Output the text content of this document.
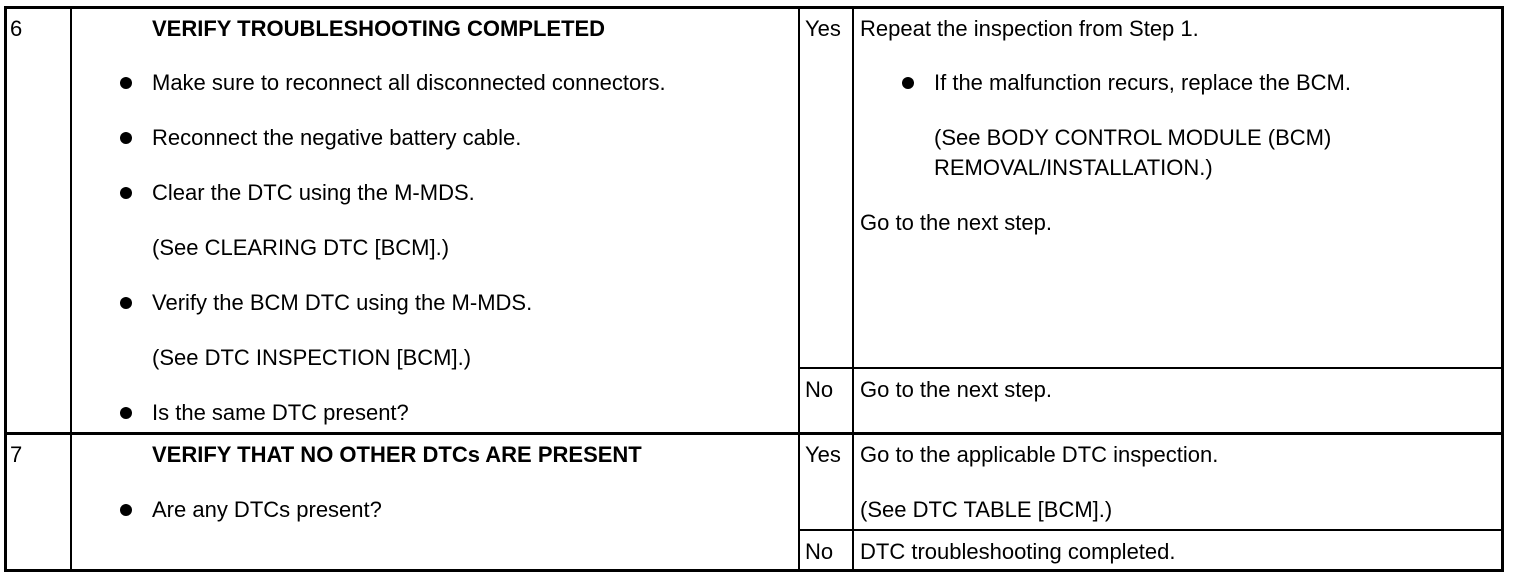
6	VERIFY TROUBLESHOOTING COMPLETED
Make sure to reconnect all disconnected connectors.
Reconnect the negative battery cable.
Clear the DTC using the M-MDS.
(See CLEARING DTC [BCM].)
Verify the BCM DTC using the M-MDS.
(See DTC INSPECTION [BCM].)
Is the same DTC present?
Yes Repeat the inspection from Step 1.
If the malfunction recurs, replace the BCM.
(See BODY CONTROL MODULE (BCM)
REMOVAL/INSTALLATION.)
Go to the next step.
No Go to the next step.
7	VERIFY THAT NO OTHER DTCs ARE PRESENT
Are any DTCs present?
Yes Go to the applicable DTC inspection.
(See DTC TABLE [BCM].)
No DTC troubleshooting completed.
